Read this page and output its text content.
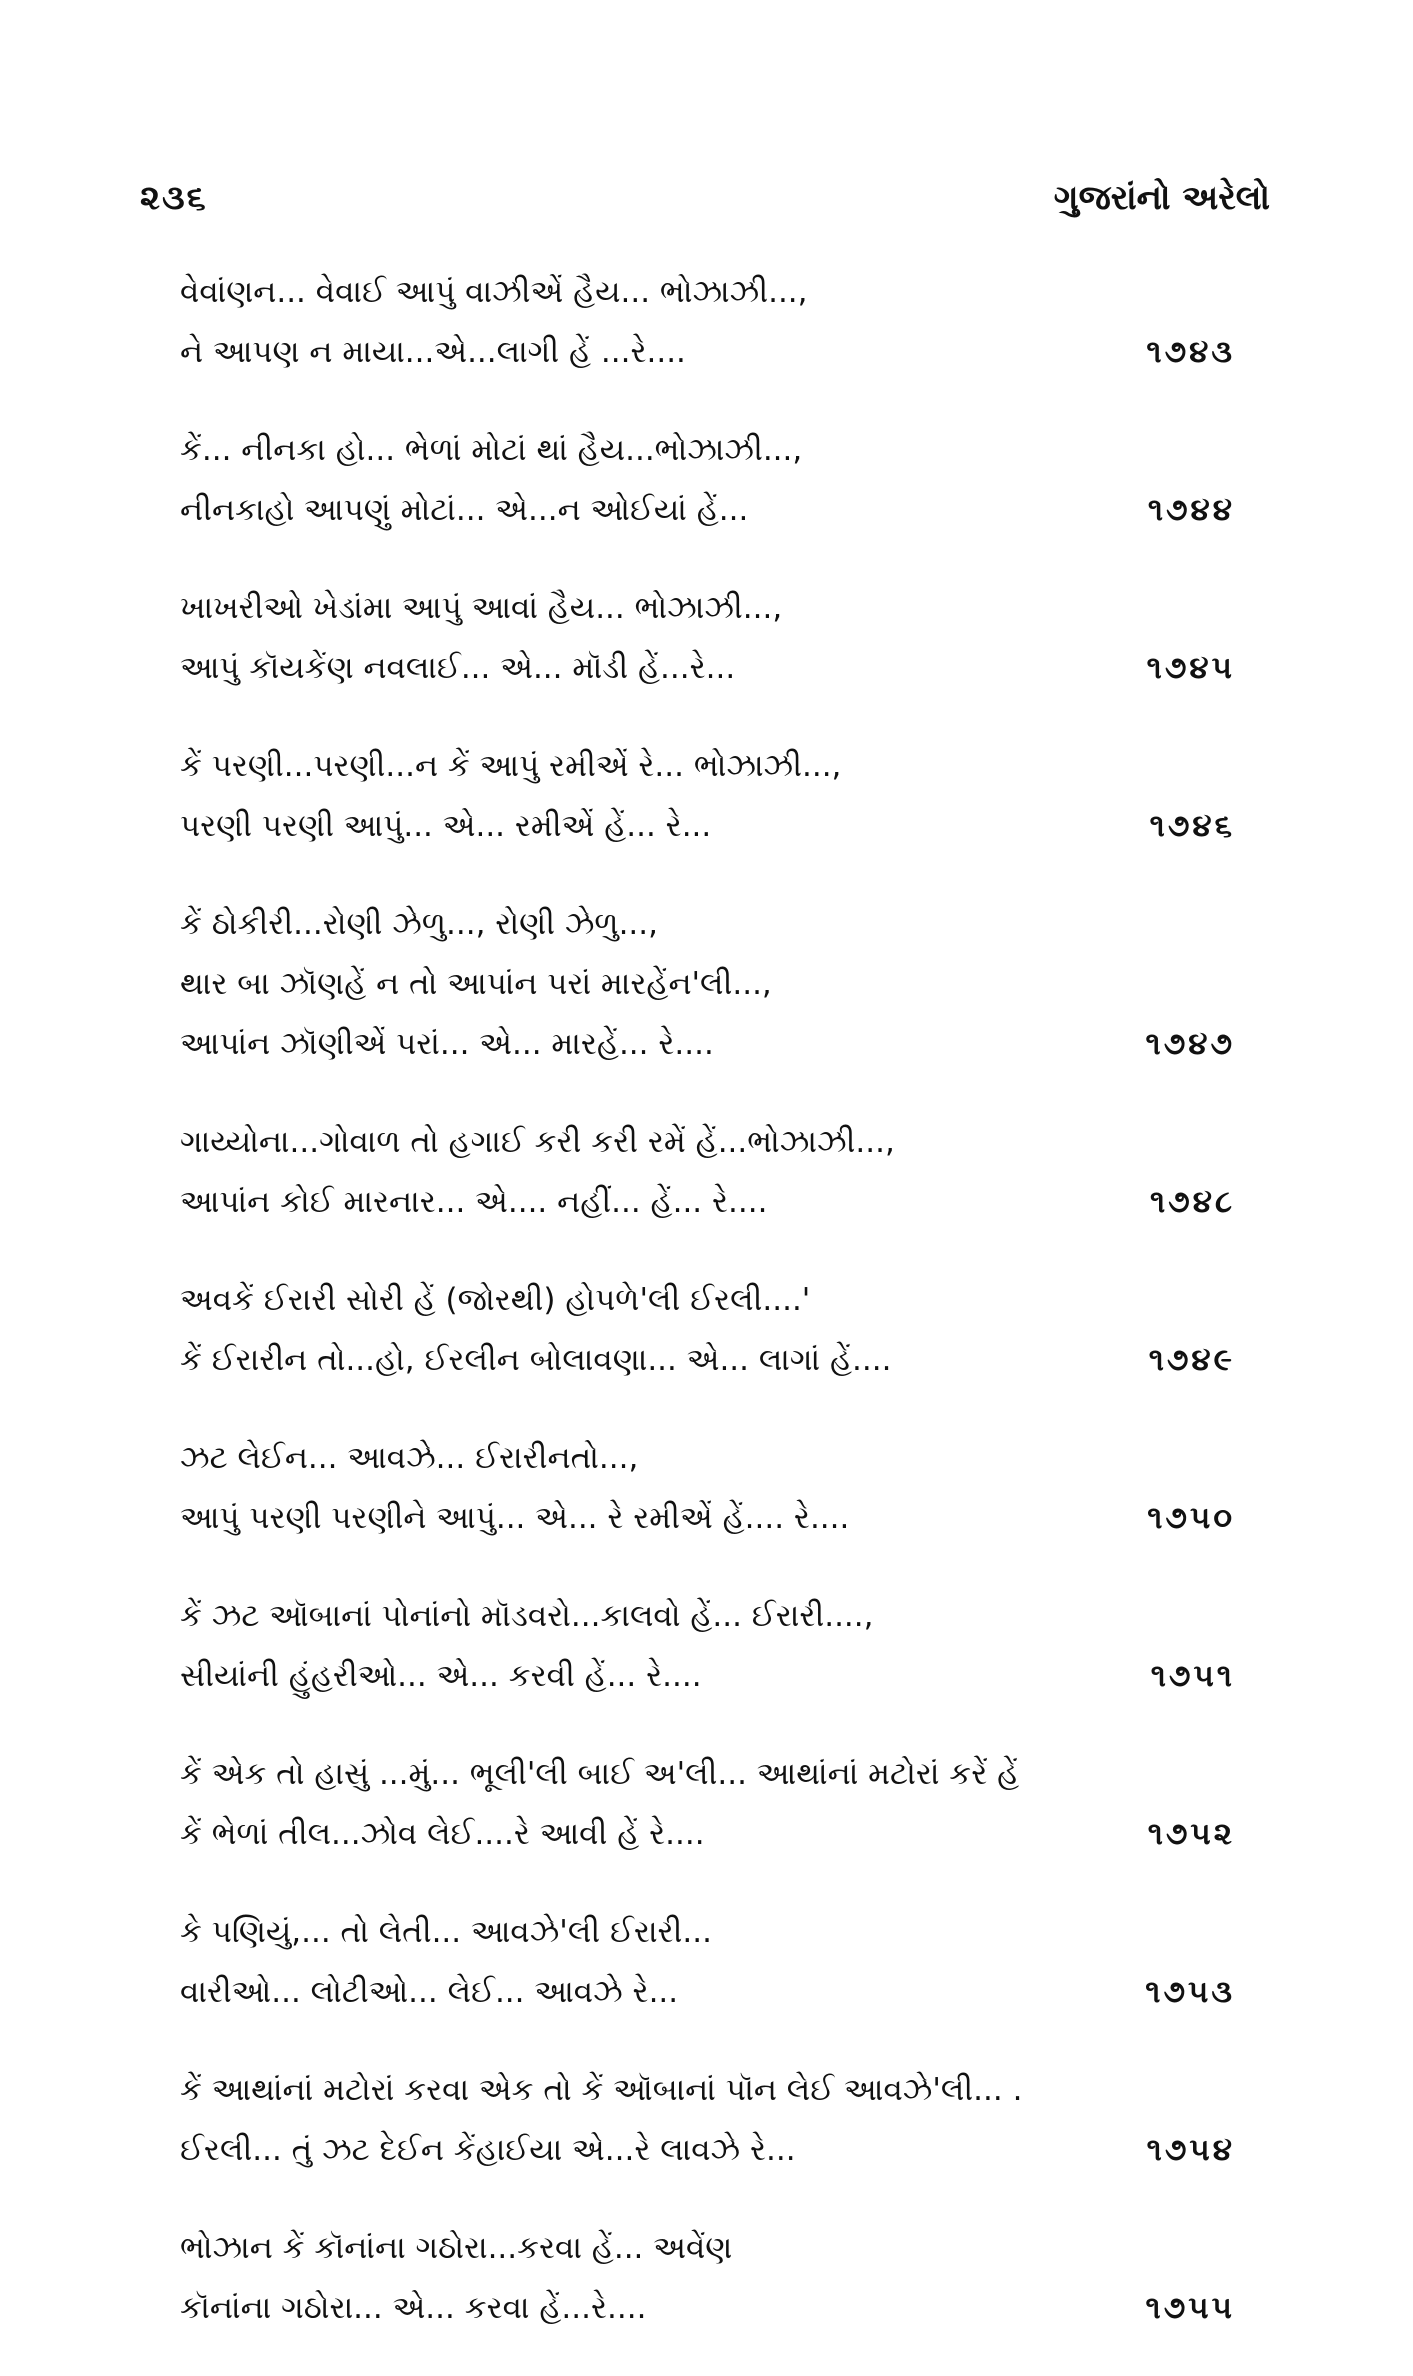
૨૩૬	ગુજરાંનો અરેલો
વેવાંણન... વેવાઈ આપું વાઝીએં હૈય... ભોઝાઝી...,
ને આપણ ન માયા...એ...લાગી હેં ...રે....	૧૭૪૩
કેં... નીનકા હો... ભેળાં મોટાં થાં હૈય...ભોઝાઝી...,
નીનકાહો આપણું મોટાં... એ...ન ઓઈયાં હેં...	૧૭૪૪
ખાખરીઓ ખેડાંમા આપું આવાં હૈય... ભોઝાઝી...,
આપું કૉયકેંણ નવલાઈ... એ... મૉડી હેં...રે...	૧૭૪૫
કેં પરણી...પરણી...ન કેં આપું રમીએં રે... ભોઝાઝી...,
પરણી પરણી આપું... એ... રમીએં હેં... રે...	૧૭૪૬
કેં ઠોકીરી...રોણી ઝેળુ..., રોણી ઝેળુ...,
થાર બા ઝૉણહેં ન તો આપાંન પરાં મારહેંન'લી...,
આપાંન ઝૉણીએં પરાં... એ... મારહેં... રે....	૧૭૪૭
ગાય્યોના...ગોવાળ તો હગાઈ કરી કરી રમેં હેં...ભોઝાઝી...,
આપાંન કોઈ મારનાર... એ.... નહીં... હેં... રે....	૧૭૪૮
અવકેં ઈરારી સોરી હેં (જોરથી) હોપળે'લી ઈરલી....'
કેં ઈરારીન તો...હો, ઈરલીન બોલાવણા... એ... લાગાં હેં....	૧૭૪૯
ઝટ લેઈન... આવઝે... ઈરારીનતો...,
આપું પરણી પરણીને આપું... એ... રે રમીએં હેં.... રે....	૧૭૫૦
કેં ઝટ ઑબાનાં પોનાંનો મૉડવરો...કાલવો હેં... ઈરારી....,
સીયાંની હુંહરીઓ... એ... કરવી હેં... રે....	૧૭૫૧
કેં એક તો હાસું ...મું... ભૂલી'લી બાઈ અ'લી... આથાંનાં મટોરાં કરેં હેં
કેં ભેળાં તીલ...ઝોવ લેઈ....રે આવી હેં રે....	૧૭૫૨
કે પણિયું,... તો લેતી... આવઝે'લી ઈરારી...
વારીઓ... લોટીઓ... લેઈ... આવઝે રે...	૧૭૫૩
કેં આથાંનાં મટોરાં કરવા એક તો કેં ઑબાનાં પૉન લેઈ આવઝે'લી... .
ઈરલી... તું ઝટ દેઈન કેંહાઈયા એ...રે લાવઝે રે...	૧૭૫૪
ભોઝાન કેં કૉનાંના ગઠોરા...કરવા હેં... અવેંણ
કૉનાંના ગઠોરા... એ... કરવા હેં...રે....	૧૭૫૫
